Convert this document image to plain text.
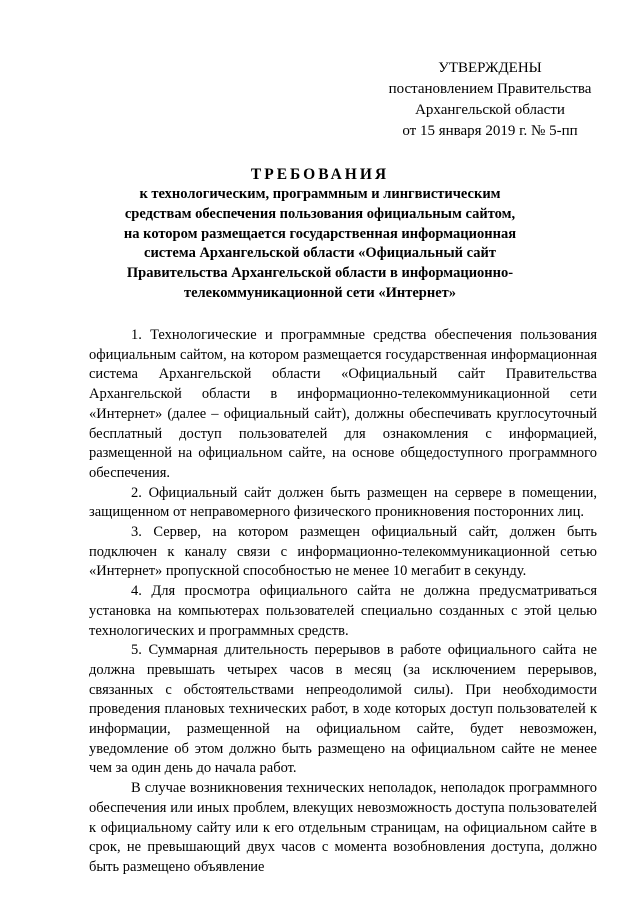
УТВЕРЖДЕНЫ
постановлением Правительства
Архангельской области
от 15 января 2019 г. № 5-пп
ТРЕБОВАНИЯ
к технологическим, программным и лингвистическим
средствам обеспечения пользования официальным сайтом,
на котором размещается государственная информационная
система Архангельской области «Официальный сайт
Правительства Архангельской области в информационно-
телекоммуникационной сети «Интернет»

1. Технологические и программные средства обеспечения пользования официальным сайтом, на котором размещается государственная информационная система Архангельской области «Официальный сайт Правительства Архангельской области в информационно-телекоммуникационной сети «Интернет» (далее – официальный сайт), должны обеспечивать круглосуточный бесплатный доступ пользователей для ознакомления с информацией, размещенной на официальном сайте, на основе общедоступного программного обеспечения.

2. Официальный сайт должен быть размещен на сервере в помещении, защищенном от неправомерного физического проникновения посторонних лиц.

3. Сервер, на котором размещен официальный сайт, должен быть подключен к каналу связи с информационно-телекоммуникационной сетью «Интернет» пропускной способностью не менее 10 мегабит в секунду.

4. Для просмотра официального сайта не должна предусматриваться установка на компьютерах пользователей специально созданных с этой целью технологических и программных средств.

5. Суммарная длительность перерывов в работе официального сайта не должна превышать четырех часов в месяц (за исключением перерывов, связанных с обстоятельствами непреодолимой силы). При необходимости проведения плановых технических работ, в ходе которых доступ пользователей к информации, размещенной на официальном сайте, будет невозможен, уведомление об этом должно быть размещено на официальном сайте не менее чем за один день до начала работ.

В случае возникновения технических неполадок, неполадок программного обеспечения или иных проблем, влекущих невозможность доступа пользователей к официальному сайту или к его отдельным страницам, на официальном сайте в срок, не превышающий двух часов с момента возобновления доступа, должно быть размещено объявление
